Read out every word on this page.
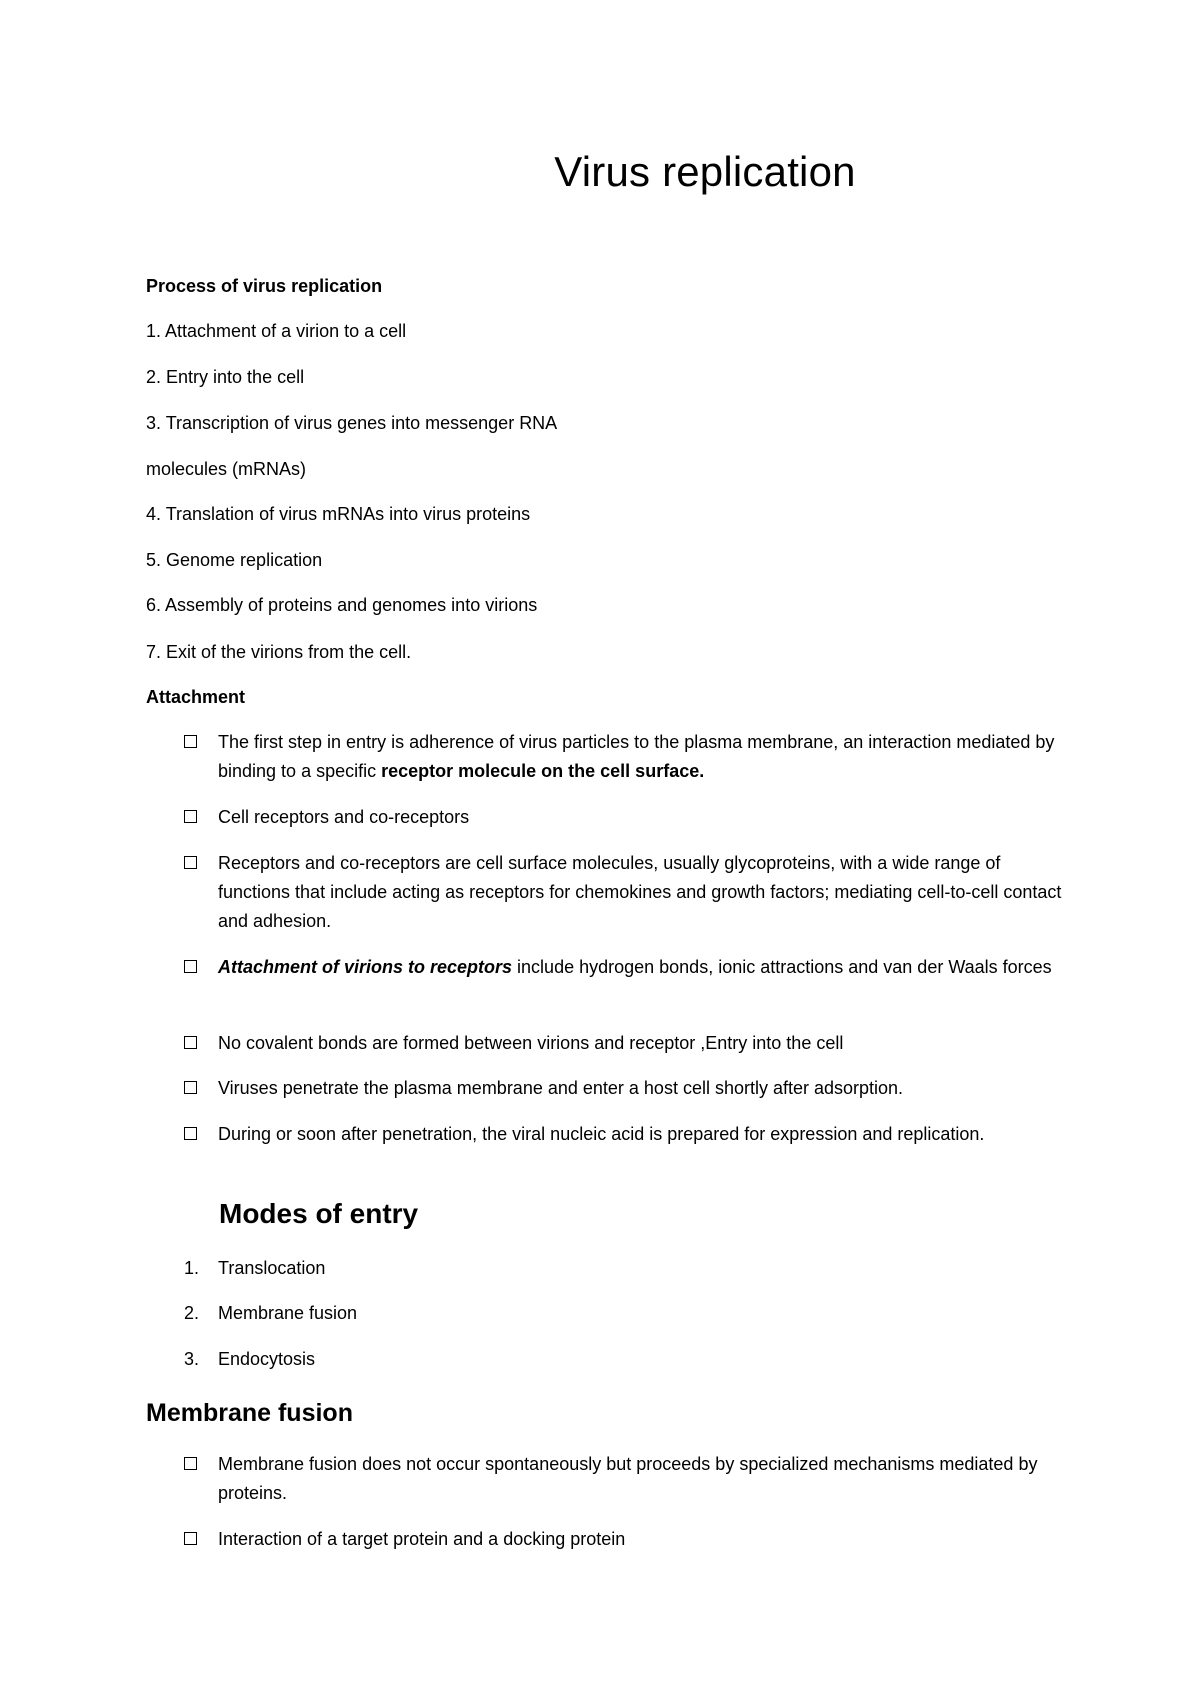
Virus replication

Process of virus replication

1. Attachment of a virion to a cell

2. Entry into the cell

3. Transcription of virus genes into messenger RNA

molecules (mRNAs)

4. Translation of virus mRNAs into virus proteins

5. Genome replication

6. Assembly of proteins and genomes into virions

7. Exit of the virions from the cell.

Attachment

The first step in entry is adherence of virus particles to the plasma membrane, an interaction mediated by binding to a specific receptor molecule on the cell surface.

Cell receptors and co-receptors

Receptors and co-receptors are cell surface molecules, usually glycoproteins, with a wide range of functions that include acting as receptors for chemokines and growth factors; mediating cell-to-cell contact and adhesion.

Attachment of virions to receptors include hydrogen bonds, ionic attractions and van der Waals forces

No covalent bonds are formed between virions and receptor ,Entry into the cell

Viruses penetrate the plasma membrane and enter a host cell shortly after adsorption.

During or soon after penetration, the viral nucleic acid is prepared for expression and replication.

Modes of entry
1. Translocation
2. Membrane fusion
3. Endocytosis
Membrane fusion

Membrane fusion does not occur spontaneously but proceeds by specialized mechanisms mediated by proteins.

Interaction of a target protein and a docking protein
